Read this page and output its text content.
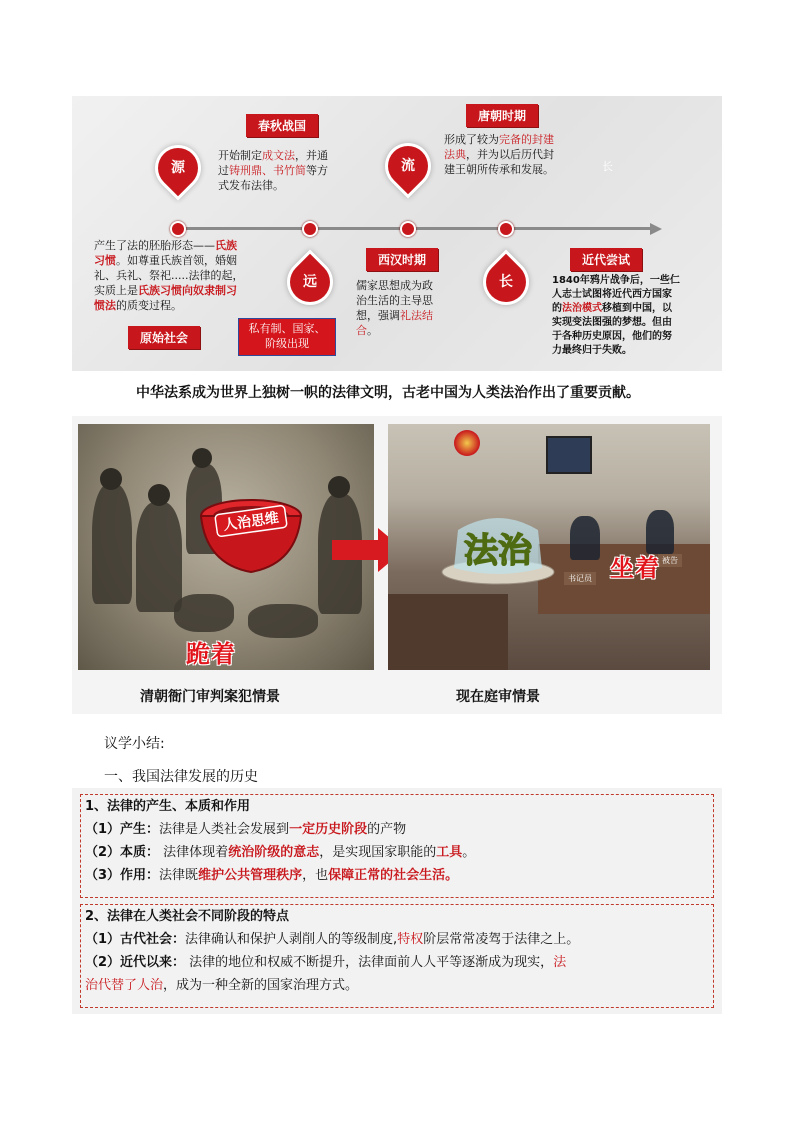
春秋战国
唐朝时期
西汉时期	近代尝试
原始社会
源	流
远	长
长
开始制定成文法，并通
过铸刑鼎、书竹简等方
式发布法律。
形成了较为完备的封建
法典，并为以后历代封
建王朝所传承和发展。
产生了法的胚胎形态——氏族
习惯。如尊重氏族首领，婚姻
礼、兵礼、祭祀.....法律的起，
实质上是氏族习惯向奴隶制习
惯法的质变过程。
儒家思想成为政
治生活的主导思
想，强调礼法结
合。
1840年鸦片战争后，一些仁
人志士试图将近代西方国家
的法治模式移植到中国，以
实现变法图强的梦想。但由
于各种历史原因，他们的努
力最终归于失败。
私有制、国家、
阶级出现
中华法系成为世界上独树一帜的法律文明，古老中国为人类法治作出了重要贡献。
跪着
人治思维
书记员
被告
法治	坐着
清朝衙门审判案犯情景	现在庭审情景
议学小结:
一、我国法律发展的历史
1、法律的产生、本质和作用
（1）产生：法律是人类社会发展到一定历史阶段的产物
（2）本质： 法律体现着统治阶级的意志，是实现国家职能的工具。
（3）作用：法律既维护公共管理秩序，也保障正常的社会生活。
2、法律在人类社会不同阶段的特点
（1）古代社会：法律确认和保护人剥削人的等级制度,特权阶层常常凌驾于法律之上。
（2）近代以来： 法律的地位和权威不断提升，法律面前人人平等逐渐成为现实，法
治代替了人治，成为一种全新的国家治理方式。
